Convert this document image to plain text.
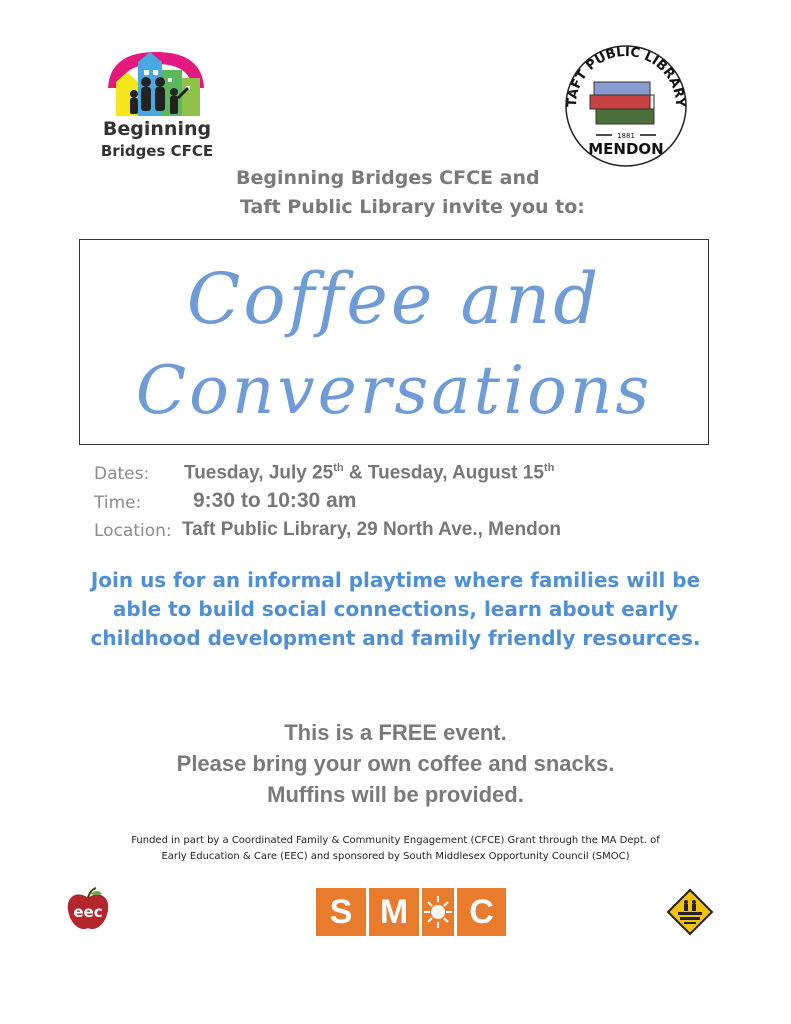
Beginning
Bridges CFCE
TAFT PUBLIC LIBRARY
1881
MENDON
Beginning Bridges CFCE and
Taft Public Library invite you to:
Coffee and
Conversations
Dates: Tuesday, July 25th & Tuesday, August 15th
Time: 9:30 to 10:30 am
Location: Taft Public Library, 29 North Ave., Mendon
Join us for an informal playtime where families will be able to build social connections, learn about early childhood development and family friendly resources.
This is a FREE event.
Please bring your own coffee and snacks.
Muffins will be provided.
Funded in part by a Coordinated Family & Community Engagement (CFCE) Grant through the MA Dept. of
Early Education & Care (EEC) and sponsored by South Middlesex Opportunity Council (SMOC)
eec	S M	C
